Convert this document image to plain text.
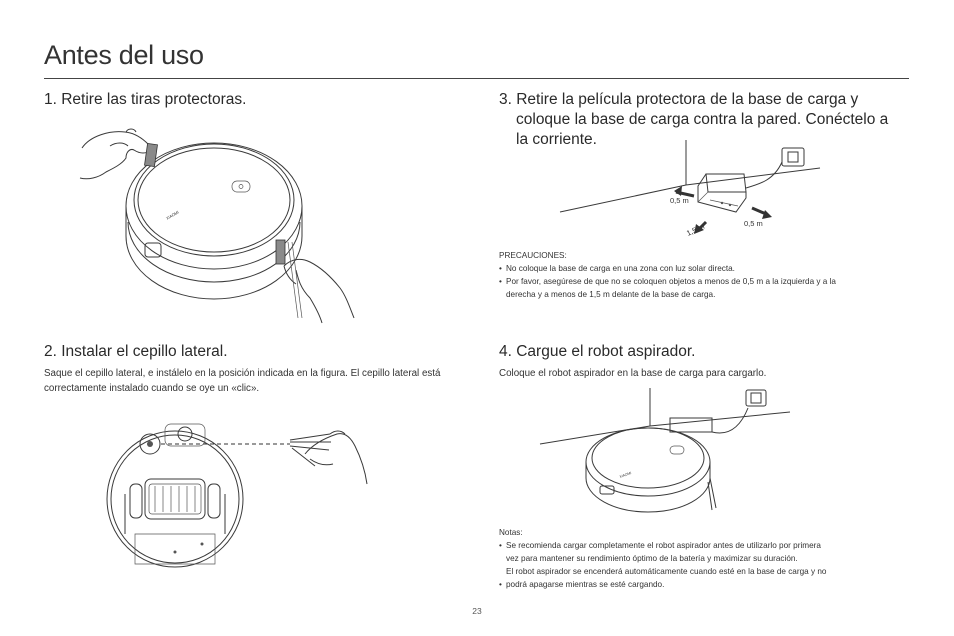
Antes del uso
1. Retire las tiras protectoras.
XIAOMI
2. Instalar el cepillo lateral.

Saque el cepillo lateral, e instálelo en la posición indicada en la figura. El cepillo lateral está correctamente instalado cuando se oye un «clic».

3. Retire la película protectora de la base de carga y
coloque la base de carga contra la pared. Conéctelo a
la corriente.
0,5 m
1,5 m	0,5 m

PRECAUCIONES:

• No coloque la base de carga en una zona con luz solar directa.
• Por favor, asegúrese de que no se coloquen objetos a menos de 0,5 m a la izquierda y a la

derecha y a menos de 1,5 m delante de la base de carga.

4. Cargue el robot aspirador.

Coloque el robot aspirador en la base de carga para cargarlo.

XIAOMI

Notas:

• Se recomienda cargar completamente el robot aspirador antes de utilizarlo por primera

vez para mantener su rendimiento óptimo de la batería y maximizar su duración.

El robot aspirador se encenderá automáticamente cuando esté en la base de carga y no

• podrá apagarse mientras se esté cargando.
23
